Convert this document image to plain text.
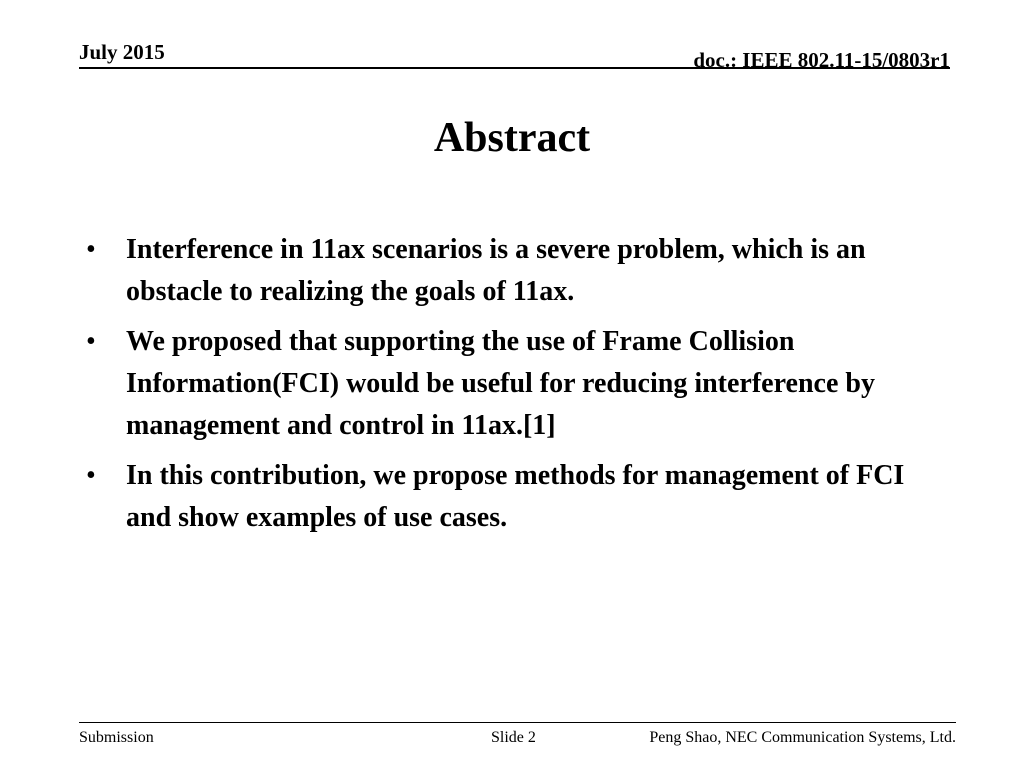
July 2015	doc.: IEEE 802.11-15/0803r1
Abstract
• Interference in 11ax scenarios is a severe problem, which is an obstacle to realizing the goals of 11ax.
• We proposed that supporting the use of Frame Collision Information(FCI) would be useful for reducing interference by management and control in 11ax.[1]
• In this contribution, we propose methods for management of FCI and show examples of use cases.
Submission	Slide 2	Peng Shao, NEC Communication Systems, Ltd.
